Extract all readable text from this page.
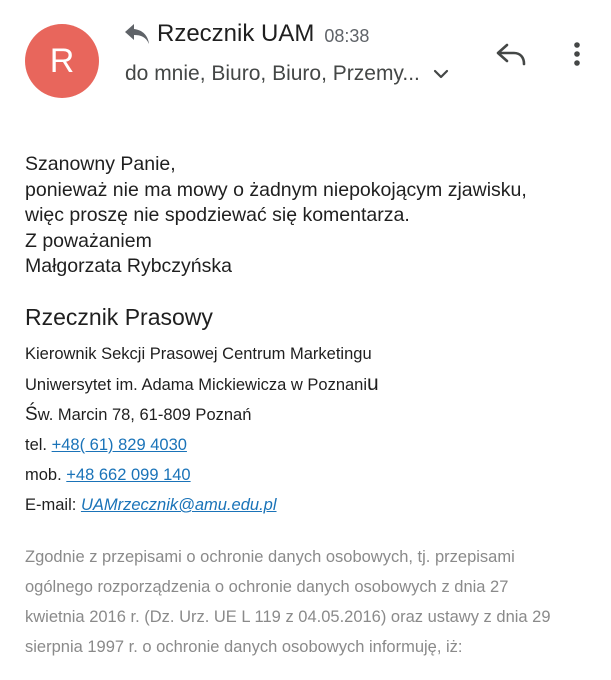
R
Rzecznik UAM 08:38
do mnie, Biuro, Biuro, Przemy...
Szanowny Panie,
ponieważ nie ma mowy o żadnym niepokojącym zjawisku,
więc proszę nie spodziewać się komentarza.
Z poważaniem
Małgorzata Rybczyńska
Rzecznik Prasowy
Kierownik Sekcji Prasowej Centrum Marketingu
Uniwersytet im. Adama Mickiewicza w Poznaniu
Św. Marcin 78, 61-809 Poznań
tel. +48( 61) 829 4030
mob. +48 662 099 140
E-mail: UAMrzecznik@amu.edu.pl
Zgodnie z przepisami o ochronie danych osobowych, tj. przepisami
ogólnego rozporządzenia o ochronie danych osobowych z dnia 27
kwietnia 2016 r. (Dz. Urz. UE L 119 z 04.05.2016) oraz ustawy z dnia 29
sierpnia 1997 r. o ochronie danych osobowych informuję, iż:
